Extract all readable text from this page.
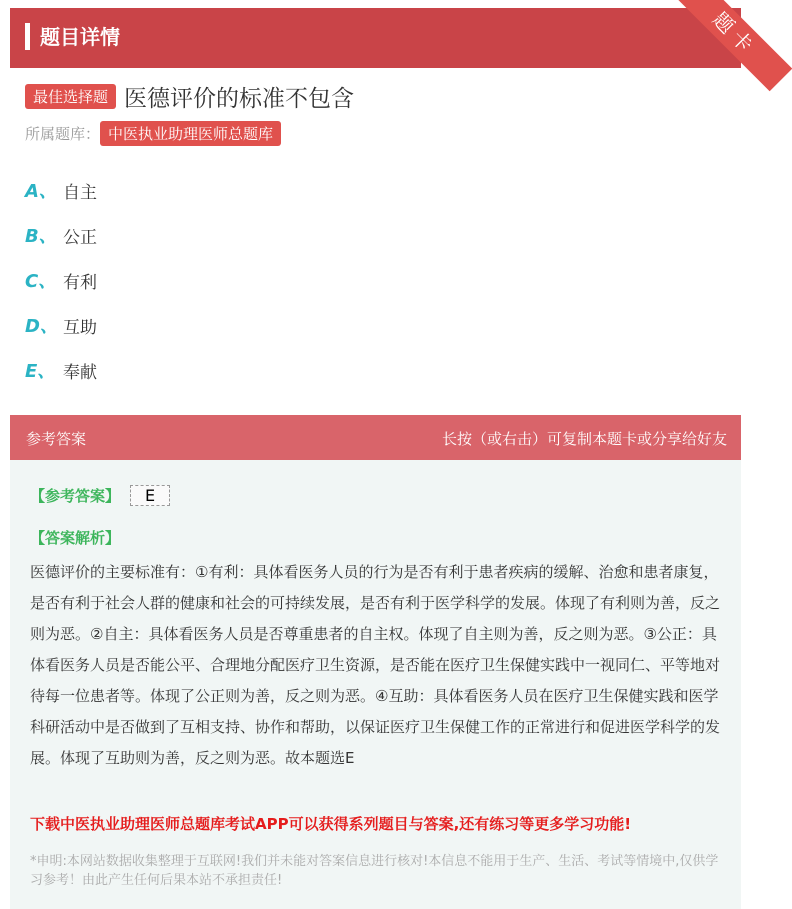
题目详情	题卡
最佳选择题 医德评价的标准不包含
所属题库： 中医执业助理医师总题库
A、 自主
B、 公正
C、 有利
D、 互助
E、 奉献
参考答案	长按（或右击）可复制本题卡或分享给好友
【参考答案】	E
【答案解析】
医德评价的主要标准有：①有利：具体看医务人员的行为是否有利于患者疾病的缓解、治愈和患者康复，是否有利于社会人群的健康和社会的可持续发展，是否有利于医学科学的发展。体现了有利则为善，反之则为恶。②自主：具体看医务人员是否尊重患者的自主权。体现了自主则为善，反之则为恶。③公正：具体看医务人员是否能公平、合理地分配医疗卫生资源，是否能在医疗卫生保健实践中一视同仁、平等地对待每一位患者等。体现了公正则为善，反之则为恶。④互助：具体看医务人员在医疗卫生保健实践和医学科研活动中是否做到了互相支持、协作和帮助，以保证医疗卫生保健工作的正常进行和促进医学科学的发展。体现了互助则为善，反之则为恶。故本题选E
下载中医执业助理医师总题库考试APP可以获得系列题目与答案,还有练习等更多学习功能!
*申明:本网站数据收集整理于互联网!我们并未能对答案信息进行核对!本信息不能用于生产、生活、考试等情境中,仅供学习参考！由此产生任何后果本站不承担责任!
